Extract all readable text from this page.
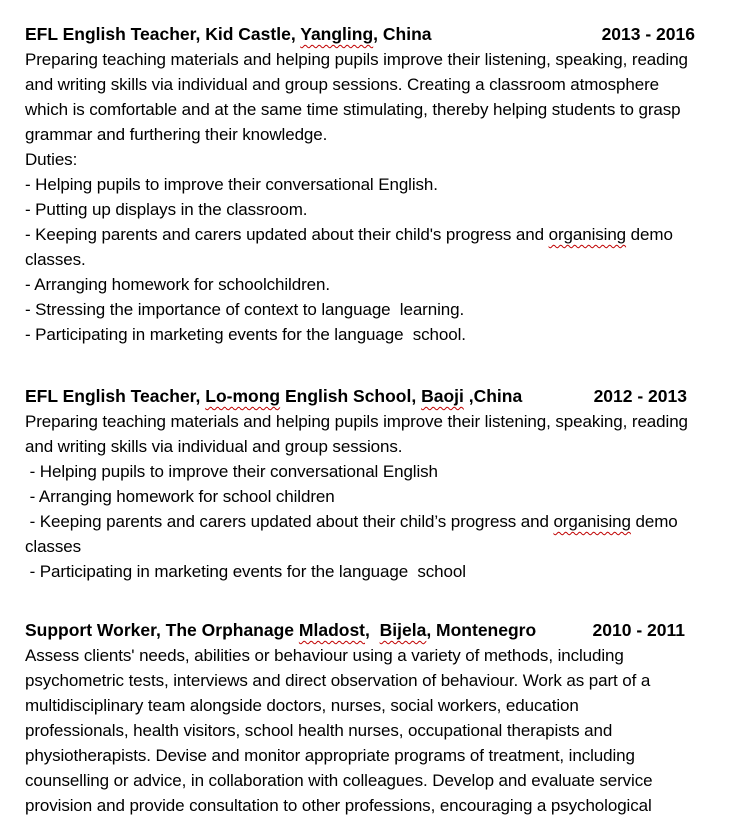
EFL English Teacher, Kid Castle, Yangling, China	2013 - 2016
Preparing teaching materials and helping pupils improve their listening, speaking, reading
and writing skills via individual and group sessions. Creating a classroom atmosphere
which is comfortable and at the same time stimulating, thereby helping students to grasp
grammar and furthering their knowledge.
Duties:
- Helping pupils to improve their conversational English.
- Putting up displays in the classroom.
- Keeping parents and carers updated about their child's progress and organising demo
classes.
- Arranging homework for schoolchildren.
- Stressing the importance of context to language  learning.
- Participating in marketing events for the language  school.
EFL English Teacher, Lo-mong English School, Baoji ,China	2012 - 2013
Preparing teaching materials and helping pupils improve their listening, speaking, reading
and writing skills via individual and group sessions.
- Helping pupils to improve their conversational English
- Arranging homework for school children
- Keeping parents and carers updated about their child’s progress and organising demo
classes
- Participating in marketing events for the language  school
Support Worker, The Orphanage Mladost,  Bijela, Montenegro	2010 - 2011
Assess clients' needs, abilities or behaviour using a variety of methods, including
psychometric tests, interviews and direct observation of behaviour. Work as part of a
multidisciplinary team alongside doctors, nurses, social workers, education
professionals, health visitors, school health nurses, occupational therapists and
physiotherapists. Devise and monitor appropriate programs of treatment, including
counselling or advice, in collaboration with colleagues. Develop and evaluate service
provision and provide consultation to other professions, encouraging a psychological
